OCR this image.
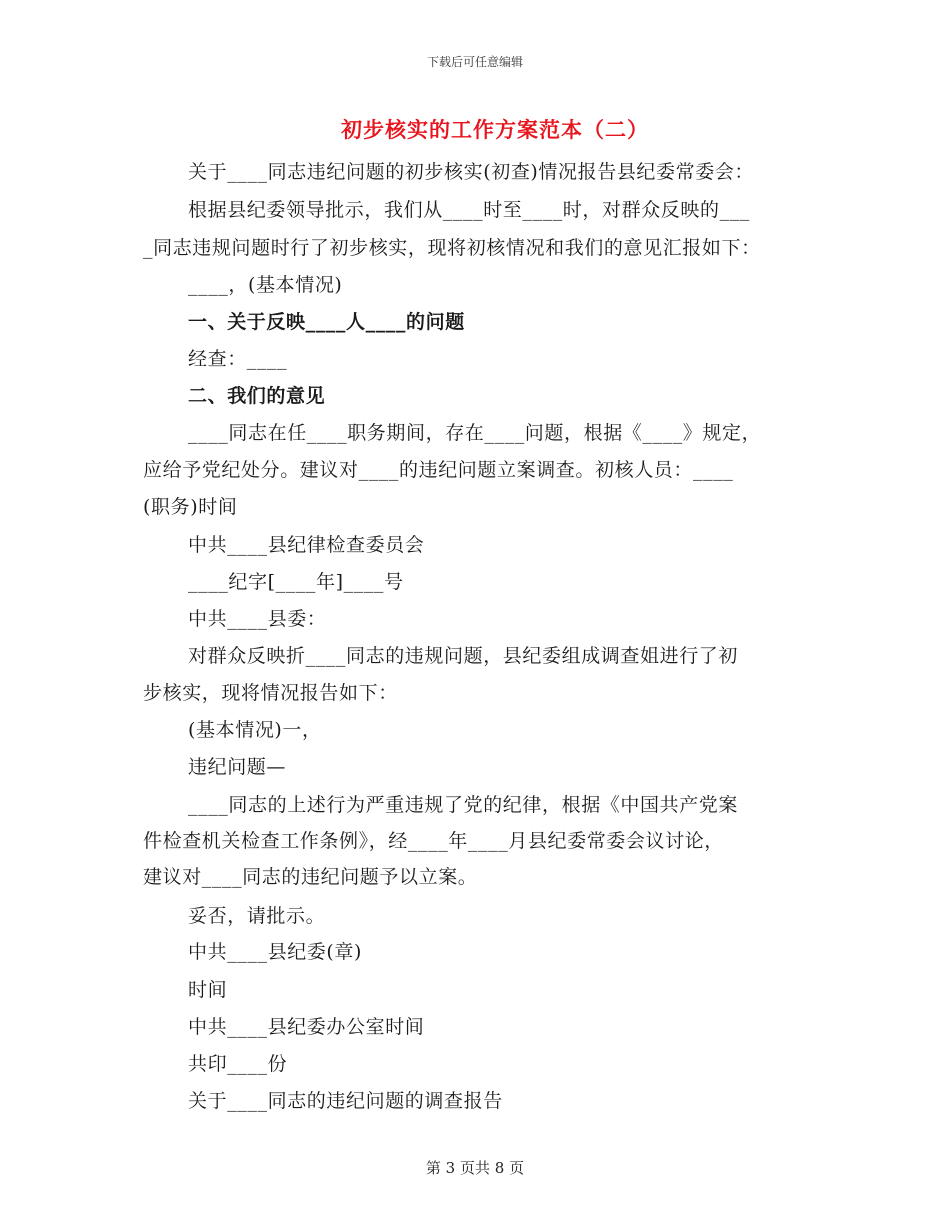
下载后可任意编辑
初步核实的工作方案范本（二）
关于____同志违纪问题的初步核实(初查)情况报告县纪委常委会：
根据县纪委领导批示，我们从____时至____时，对群众反映的___
_同志违规问题时行了初步核实，现将初核情况和我们的意见汇报如下：
____，(基本情况)
一、关于反映____人____的问题
经查：____
二、我们的意见
____同志在任____职务期间，存在____问题，根据《____》规定，
应给予党纪处分。建议对____的违纪问题立案调查。初核人员：____
(职务)时间
中共____县纪律检查委员会
____纪字[____年]____号
中共____县委：
对群众反映折____同志的违规问题，县纪委组成调查姐进行了初
步核实，现将情况报告如下：
(基本情况)一，
违纪问题—
____同志的上述行为严重违规了党的纪律，根据《中国共产党案
件检查机关检查工作条例》，经____年____月县纪委常委会议讨论，
建议对____同志的违纪问题予以立案。
妥否，请批示。
中共____县纪委(章)
时间
中共____县纪委办公室时间
共印____份
关于____同志的违纪问题的调查报告
第 3 页共 8 页
